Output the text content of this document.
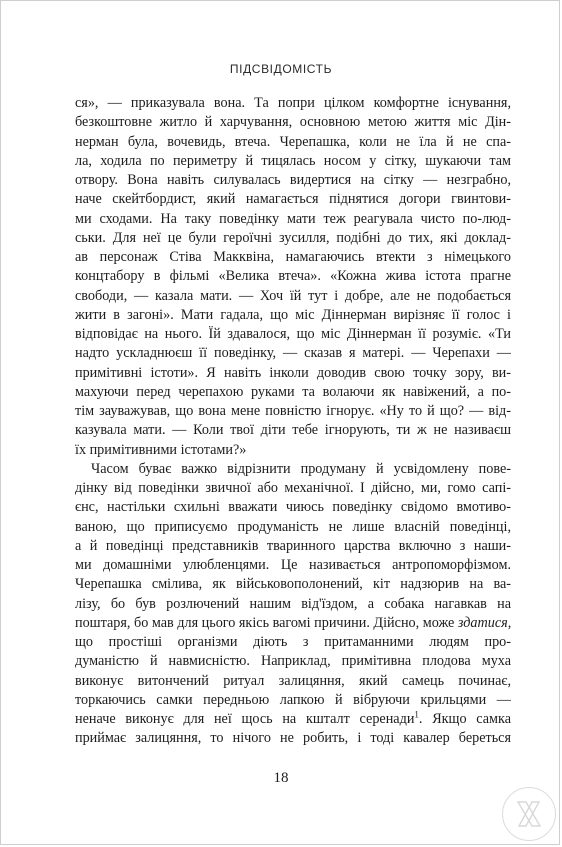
ПІДСВІДОМІСТЬ
ся», — приказувала вона. Та попри цілком комфортне існування,
безкоштовне житло й харчування, основною метою життя міс Дін-
нерман була, вочевидь, втеча. Черепашка, коли не їла й не спа-
ла, ходила по периметру й тицялась носом у сітку, шукаючи там
отвору. Вона навіть силувалась видертися на сітку — незграбно,
наче скейтбордист, який намагається піднятися догори гвинтови-
ми сходами. На таку поведінку мати теж реагувала чисто по-люд-
ськи. Для неї це були героїчні зусилля, подібні до тих, які доклад-
ав персонаж Стіва Макквіна, намагаючись втекти з німецького
концтабору в фільмі «Велика втеча». «Кожна жива істота прагне
свободи, — казала мати. — Хоч їй тут і добре, але не подобається
жити в загоні». Мати гадала, що міс Діннерман вирізняє її голос і
відповідає на нього. Їй здавалося, що міс Діннерман її розуміє. «Ти
надто ускладнюєш її поведінку, — сказав я матері. — Черепахи —
примітивні істоти». Я навіть інколи доводив свою точку зору, ви-
махуючи перед черепахою руками та волаючи як навіжений, а по-
тім зауважував, що вона мене повністю ігнорує. «Ну то й що? — від-
казувала мати. — Коли твої діти тебе ігнорують, ти ж не називаєш
їх примітивними істотами?»
Часом буває важко відрізнити продуману й усвідомлену пове-
дінку від поведінки звичної або механічної. І дійсно, ми, гомо сапі-
єнс, настільки схильні вважати чиюсь поведінку свідомо вмотиво-
ваною, що приписуємо продуманість не лише власній поведінці,
а й поведінці представників тваринного царства включно з наши-
ми домашніми улюбленцями. Це називається антропоморфізмом.
Черепашка смілива, як військовополонений, кіт надзюрив на ва-
лізу, бо був розлючений нашим від'їздом, а собака нагавкав на
поштаря, бо мав для цього якісь вагомі причини. Дійсно, може здатися,
що простіші організми діють з притаманними людям про-
думаністю й навмисністю. Наприклад, примітивна плодова муха
виконує витончений ритуал залицяння, який самець починає,
торкаючись самки передньою лапкою й вібруючи крильцями —
неначе виконує для неї щось на кшталт серенади$^1$. Якщо самка
приймає залицяння, то нічого не робить, і тоді кавалер береться
18
